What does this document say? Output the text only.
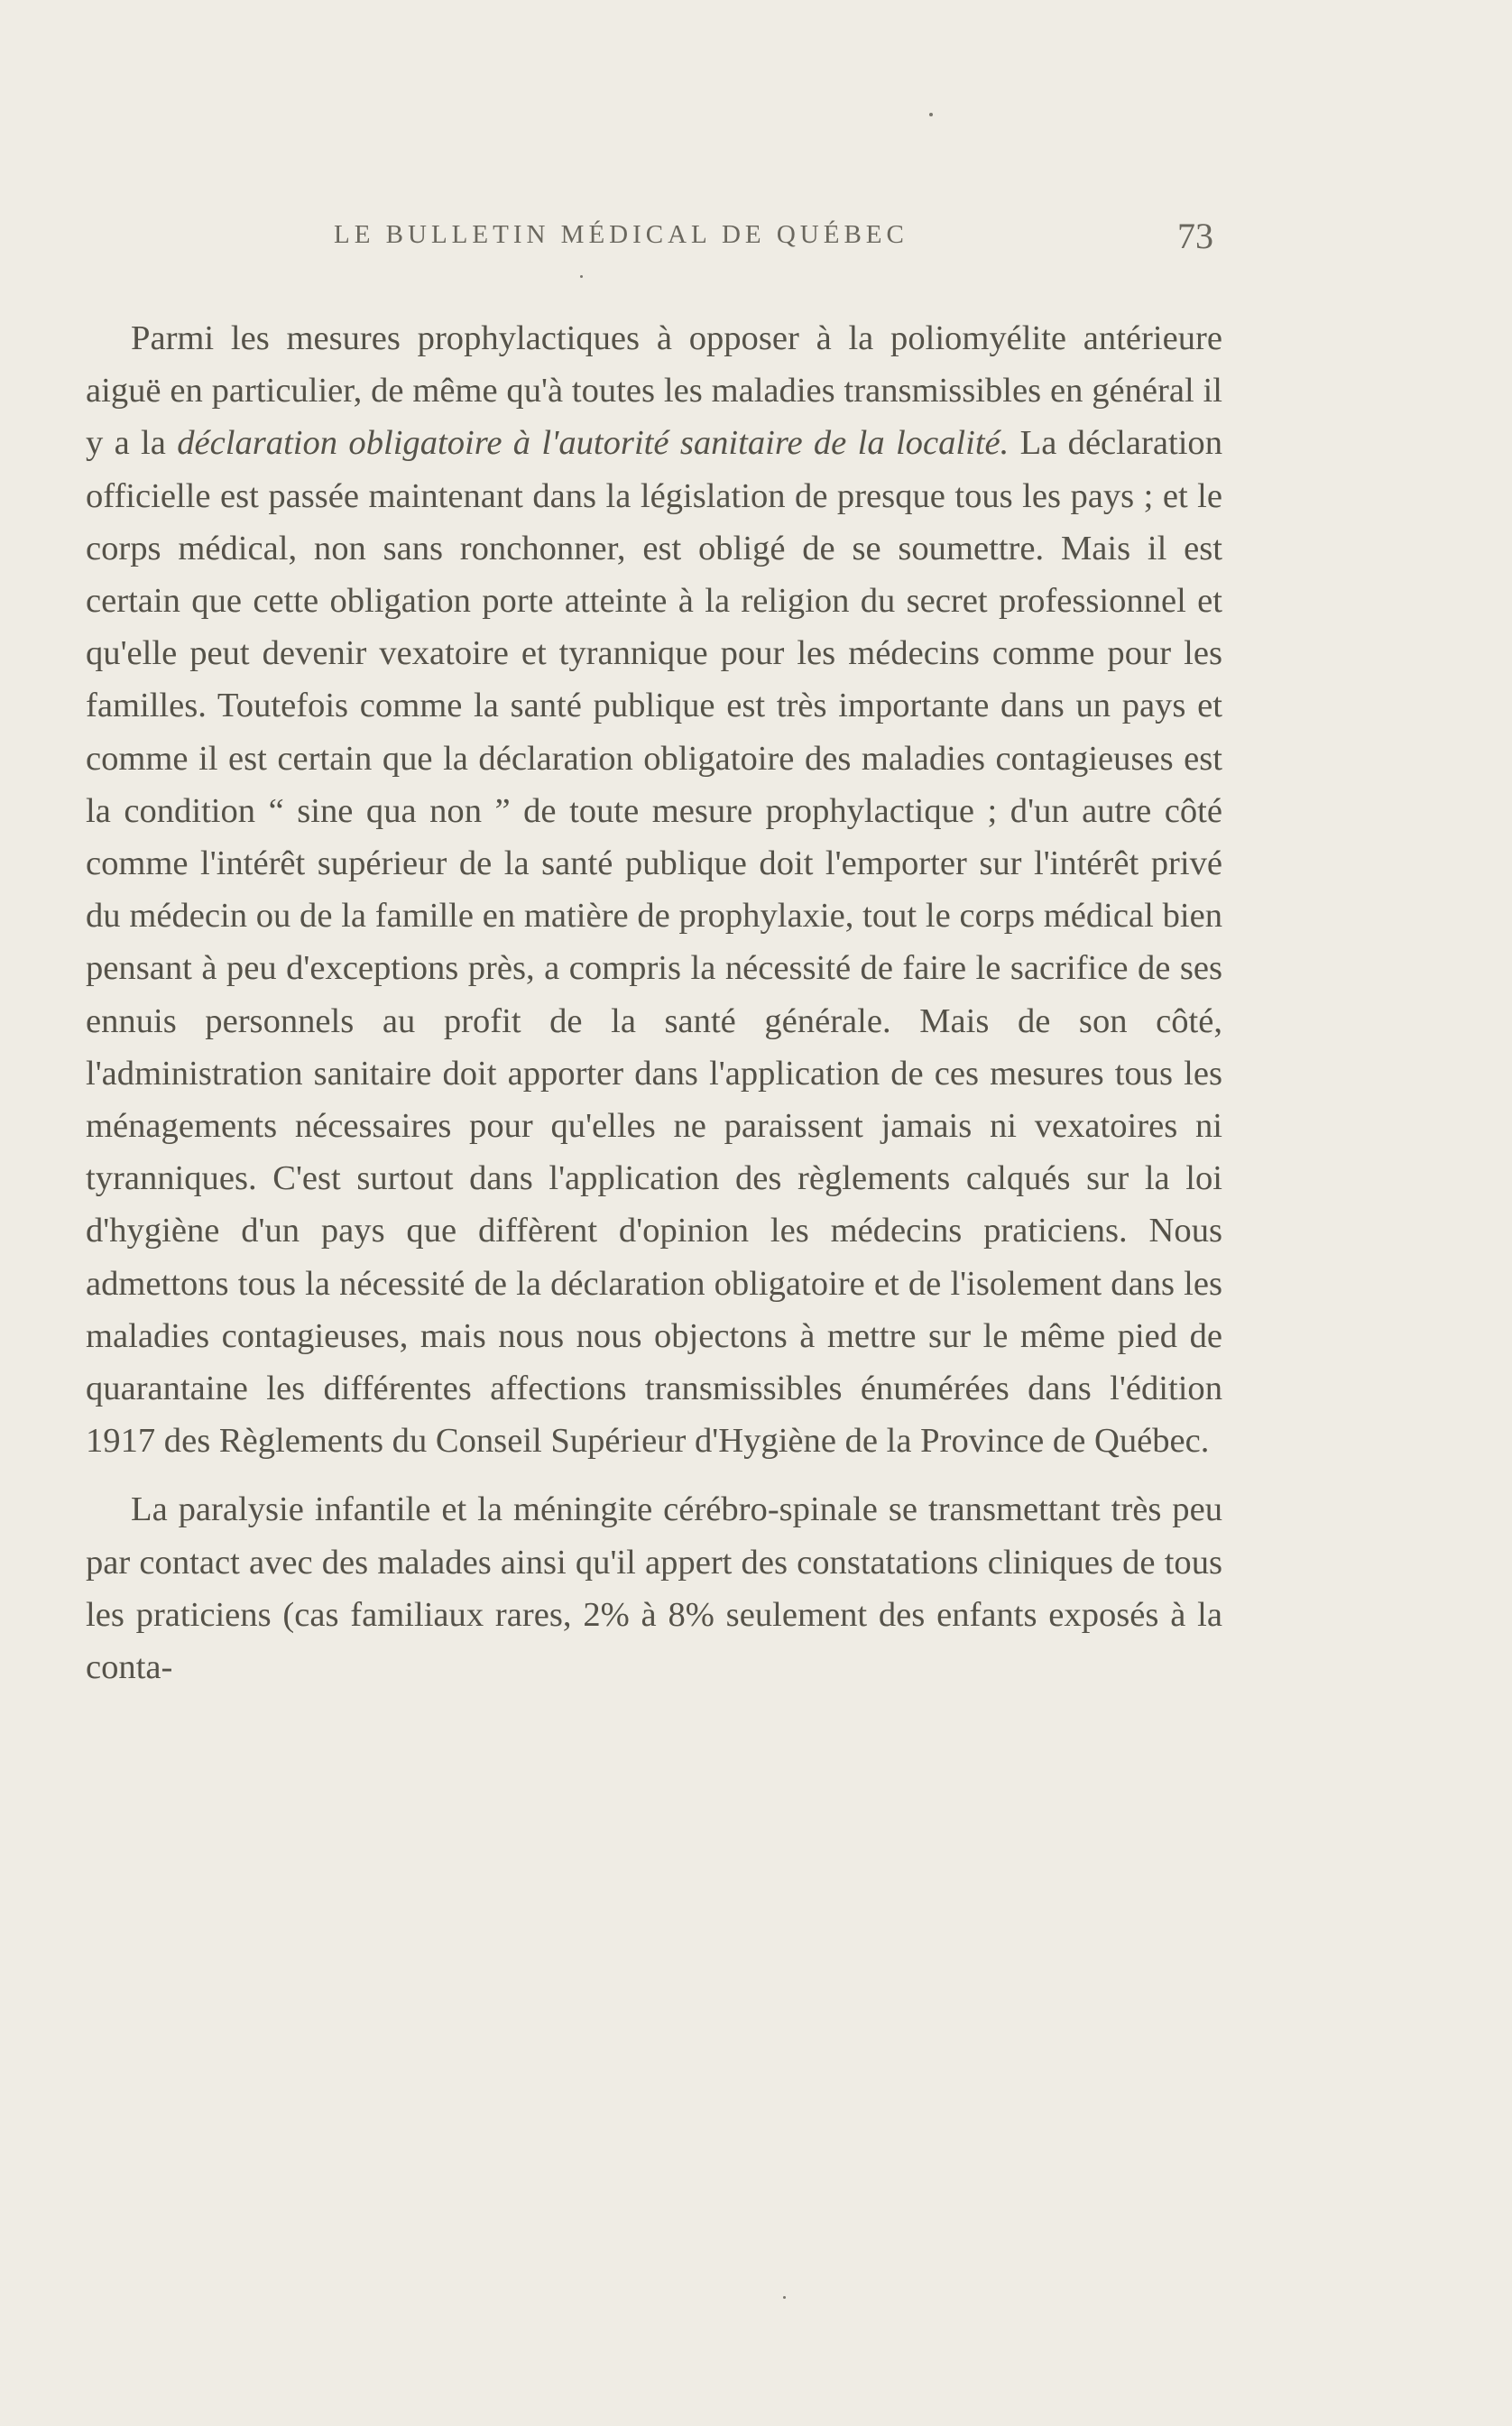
LE BULLETIN MÉDICAL DE QUÉBEC	73

Parmi les mesures prophylactiques à opposer à la poliomyélite antérieure aiguë en particulier, de même qu'à toutes les maladies transmissibles en général il y a la déclaration obligatoire à l'autorité sanitaire de la localité. La déclaration officielle est passée maintenant dans la législation de presque tous les pays ; et le corps médical, non sans ronchonner, est obligé de se soumettre. Mais il est certain que cette obligation porte atteinte à la religion du secret professionnel et qu'elle peut devenir vexatoire et tyrannique pour les médecins comme pour les familles. Toutefois comme la santé publique est très importante dans un pays et comme il est certain que la déclaration obligatoire des maladies contagieuses est la condition “ sine qua non ” de toute mesure prophylactique ; d'un autre côté comme l'intérêt supérieur de la santé publique doit l'emporter sur l'intérêt privé du médecin ou de la famille en matière de prophylaxie, tout le corps médical bien pensant à peu d'exceptions près, a compris la nécessité de faire le sacrifice de ses ennuis personnels au profit de la santé générale. Mais de son côté, l'administration sanitaire doit apporter dans l'application de ces mesures tous les ménagements nécessaires pour qu'elles ne paraissent jamais ni vexatoires ni tyranniques. C'est surtout dans l'application des règlements calqués sur la loi d'hygiène d'un pays que diffèrent d'opinion les médecins praticiens. Nous admettons tous la nécessité de la déclaration obligatoire et de l'isolement dans les maladies contagieuses, mais nous nous objectons à mettre sur le même pied de quarantaine les différentes affections transmissibles énumérées dans l'édition 1917 des Règlements du Conseil Supérieur d'Hygiène de la Province de Québec.

La paralysie infantile et la méningite cérébro-spinale se transmettant très peu par contact avec des malades ainsi qu'il appert des constatations cliniques de tous les praticiens (cas familiaux rares, 2% à 8% seulement des enfants exposés à la conta-
